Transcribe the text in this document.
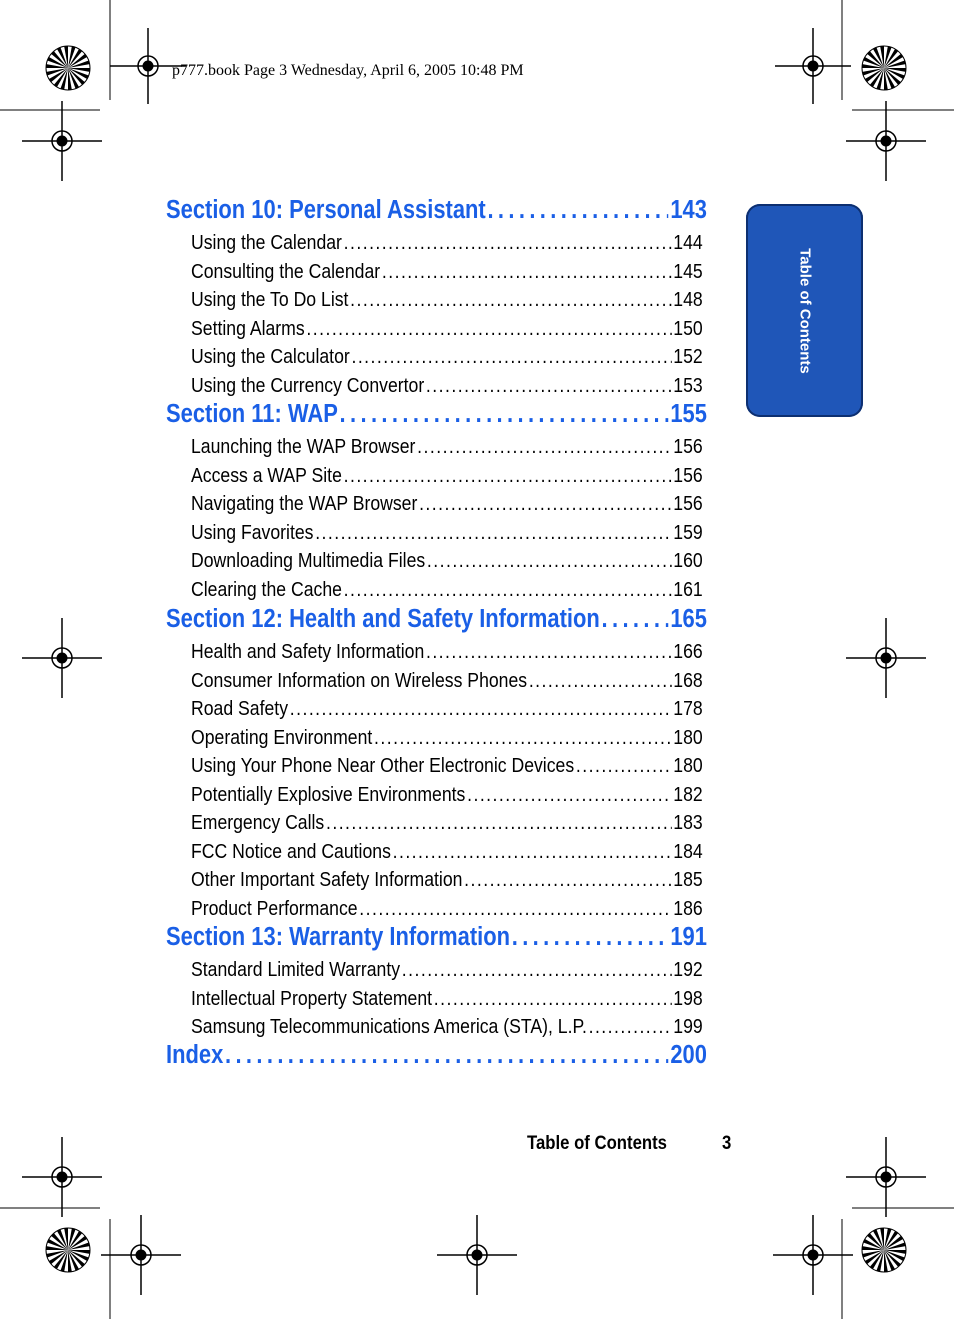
p777.book Page 3 Wednesday, April 6, 2005 10:48 PM
Section 10: Personal Assistant . . .	143
Using the Calendar . . .	144
Consulting the Calendar . . .	145
Using the To Do List . . .	148
Setting Alarms . . .	150
Using the Calculator . . .	152
Using the Currency Convertor . . .	153
Section 11: WAP . . .	155
Launching the WAP Browser . . .	156
Access a WAP Site . . .	156
Navigating the WAP Browser . . .	156
Using Favorites . . .	159
Downloading Multimedia Files . . .	160
Clearing the Cache . . .	161
Section 12: Health and Safety Information . . .	165
Health and Safety Information . . .	166
Consumer Information on Wireless Phones . . .	168
Road Safety . . .	178
Operating Environment . . .	180
Using Your Phone Near Other Electronic Devices . . .	180
Potentially Explosive Environments . . .	182
Emergency Calls . . .	183
FCC Notice and Cautions . . .	184
Other Important Safety Information . . .	185
Product Performance . . .	186
Section 13: Warranty Information . . .	191
Standard Limited Warranty . . .	192
Intellectual Property Statement . . .	198
Samsung Telecommunications America (STA), L.P. . . .	199
Index . . .	200
Table of Contents
Table of Contents	3
